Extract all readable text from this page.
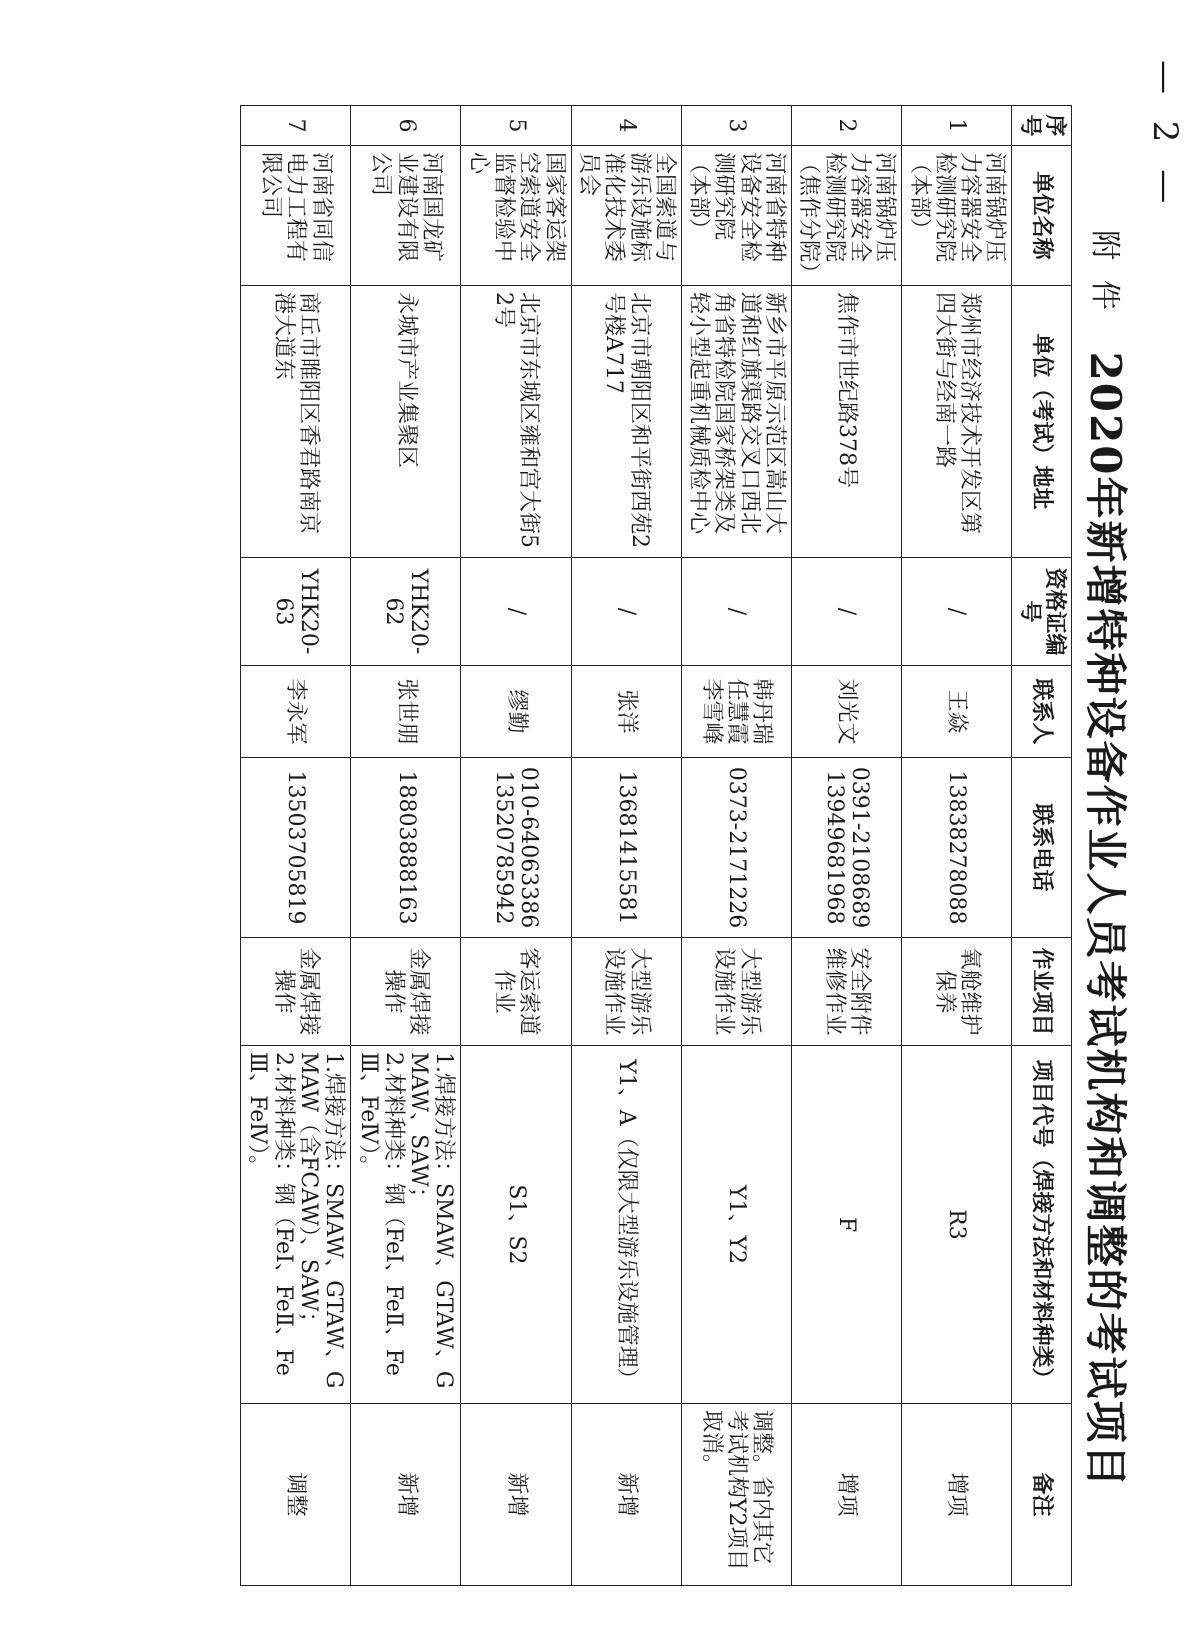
— 2 —
附件
2020年新增特种设备作业人员考试机构和调整的考试项目
序号	单位名称	单位（考试）地址	资格证编号	联系人	联系电话	作业项目	项目代号（焊接方法和材料种类）	备注
1	河南锅炉压力容器安全检测研究院（本部）	郑州市经济技术开发区第四大街与经南一路	/	王焱	13838278088	氧舱维护保养	R3	增项
2	河南锅炉压力容器安全检测研究院（焦作分院）	焦作市世纪路378号	/	刘光文	0391-2108689
13949681968	安全附件维修作业	F	增项
3	河南省特种设备安全检测研究院（本部）	新乡市平原示范区嵩山大道和红旗渠路交叉口西北角省特检院国家桥架类及轻小型起重机械质检中心	/	韩丹瑞
任慧霞
李雪峰	0373-2171226	大型游乐设施作业	Y1、Y2	调整。省内其它考试机构Y2项目取消。
4	全国索道与游乐设施标准化技术委员会	北京市朝阳区和平街西苑2号楼A717	/	张洋	13681415581	大型游乐设施作业	Y1、A（仅限大型游乐设施管理）	新增
5	国家客运架空索道安全监督检验中心	北京市东城区雍和宫大街52号	/	缪勤	010-64063386
13520785942	客运索道作业	S1、S2	新增
6	河南国龙矿业建设有限公司	永城市产业集聚区	YHK20-62	张世朋	18803888163	金属焊接操作	1.焊接方法：SMAW、GTAW、GMAW、SAW；
2.材料种类：钢（FeⅠ、FeⅡ、FeⅢ、FeⅣ）。	新增
7	河南省同信电力工程有限公司	商丘市睢阳区香君路南京港大道东	YHK20-63	李永军	13503705819	金属焊接操作	1.焊接方法：SMAW、GTAW、GMAW（含FCAW）、SAW；
2.材料种类：钢（FeⅠ、FeⅡ、FeⅢ、FeⅣ）。	调整
